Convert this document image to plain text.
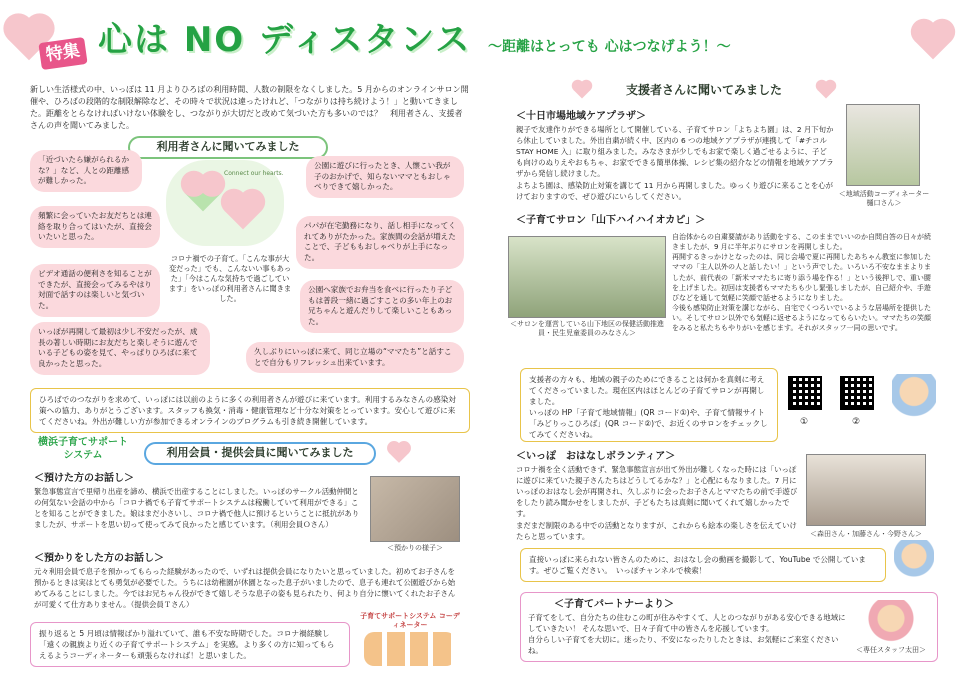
特集 心は NO ディスタンス ～距離はとっても 心はつなげよう！～
新しい生活様式の中、いっぽは 11 月よりひろばの利用時間、人数の制限をなくしました。5 月からのオンラインサロン開催や、ひろばの段階的な制限解除など、その時々で状況は違ったけれど、「つながりは持ち続けよう！」と動いてきました。距離をとらなければいけない体験をし、つながりが大切だと改めて気づいた方も多いのでは？　利用者さん、支援者さんの声を聞いてみました。
利用者さんに聞いてみました
「近づいたら嫌がられるかな？」など、人との距離感が難しかった。
公園に遊びに行ったとき、人懐こい我が子のおかげで、知らないママともおしゃべりできて嬉しかった。
頻繁に会っていたお友だちとは連絡を取り合ってはいたが、直接会いたいと思った。
パパが在宅勤務になり、話し相手になってくれてありがたかった。家族間の会話が増えたことで、子どももおしゃべりが上手になった。
ビデオ通話の便利さを知ることができたが、直接会ってみるやはり対面で話すのは楽しいと気づいた。
公園へ家族でお弁当を食べに行ったり子どもは普段一緒に過ごすことの多い年上のお兄ちゃんと遊んだりして楽しいこともあった。
いっぽが再開して最初は少し不安だったが、成長の著しい時期にお友だちと楽しそうに遊んでいる子どもの姿を見て、やっぱりひろばに来て良かったと思った。
久しぶりにいっぽに来て、同じ立場の“ママたち”と話すことで自分もリフレッシュ出来ています。
Connect our hearts.
コロナ禍での子育て。「こんな事が大変だった」でも、こんないい事もあった」「今はこんな気持ちで過ごしています」をいっぽの利用者さんに聞きました。
ひろばでのつながりを求めて、いっぽには以前のように多くの利用者さんが遊びに来ています。利用するみなさんの感染対策への協力、ありがとうございます。スタッフも換気・消毒・健康管理など十分な対策をとっています。安心して遊びに来てくださいね。外出が難しい方が参加できるオンラインのプログラムも引き続き開催しています。
横浜子育てサポートシステム	利用会員・提供会員に聞いてみました
＜預けた方のお話し＞
緊急事態宣言で里帰り出産を諦め、横浜で出産することにしました。いっぽのサークル活動仲間との何気ない会話の中から「コロナ禍でも子育てサポートシステムは稼働していて利用ができる」ことを知ることができました。娘はまだ小さいし、コロナ禍で他人に預けるということに抵抗がありましたが、サポートを思い切って使ってみて良かったと感じています。（利用会員Ｏさん）
＜預かりの様子＞
＜預かりをした方のお話し＞
元々利用会員で息子を預かってもらった経験があったので、いずれは提供会員になりたいと思っていました。初めてお子さんを預かるときは実はとても勇気が必要でした。うちには幼稚園が休園となった息子がいましたので、息子も連れて公園遊びから始めてみることにしました。今ではお兄ちゃん役ができて嬉しそうな息子の姿も見られたり、何より自分に懐いてくれたお子さんが可愛くて仕方ありません。（提供会員Ｔさん）
振り返ると 5 月頃は情報ばかり溢れていて、誰も不安な時期でした。コロナ禍経験し「遠くの親族より近くの子育てサポートシステム」を実感。より多くの方に知ってもらえるようコーディネーターも頑張らなければ！と思いました。
子育てサポートシステム コーディネーター
支援者さんに聞いてみました
＜十日市場地域ケアプラザ＞
親子で友達作りができる場所として開催している、子育てサロン「よちよち園」は、2 月下旬から休止していました。外出自粛が続く中、区内の 6 つの地域ケアプラザが連携して「#チコル STAY HOME 入」に取り組みました。みなさまが少しでもお家で楽しく過ごせるように、子ども向けのぬりえやおもちゃ、お家でできる簡単体操、レシピ集の紹介などの情報を地域ケアプラザから発信し続けました。
よちよち園は、感染防止対策を講じて 11 月から再開しました。ゆっくり遊びに来ることを心がけておりますので、ぜひ遊びにいらしてください。	＜地域活動コーディネーター 樋口さん＞
＜子育てサロン「山下ハイハイオカピ」＞
＜サロンを運営している山下地区の保健活動推進員・民生児童委員のみなさん＞
自治体からの自粛要請があり活動をする、このままでいいのか自問自答の日々が続きましたが、9 月に半年ぶりにサロンを再開しました。
再開するきっかけとなったのは、同じ会場で夏に再開したあちゃん教室に参加したママの「主人以外の人と話したい！」という声でした。いろいろ不安なままよりましたが、前代表の「新米ママたちに寄り添う場を作る！」という後押しで、重い腰を上げました。初回は支援者もママたちも少し緊張しましたが、自己紹介や、手遊びなどを通して気軽に笑顔で話せるようになりました。
今後も感染防止対策を講じながら、自宅でくつろいでいるような居場所を提供したい。そしてサロン以外でも気軽に返せるようになってもらいたい。ママたちの笑顔をみると私たちもやりがいを感じます。それがスタッフ一同の思いです。
支援者の方々も、地域の親子のためにできることは何かを真剣に考えてくださっていました。現在区内はほとんどの子育てサロンが再開しました。
いっぽの HP「子育て地域情報」(QR コード①)や、子育て情報サイト「みどりっこひろば」(QR コード②)で、お近くのサロンをチェックしてみてくださいね。
①	②
＜いっぽ　おはなしボランティア＞
コロナ禍を全く活動できず、緊急事態宣言が出て外出が難しくなった時には「いっぽに遊びに来ていた親子さんたちはどうしてるかな？」と心配にもなりました。7 月にいっぽのおはなし会が再開され、久しぶりに会ったお子さんとママたちの前で手遊びをしたり読み聞かせをしましたが、子どもたちは真剣に聞いてくれて嬉しかったです。
まだまだ制限のある中での活動となりますが、これからも絵本の楽しさを伝えていけたらと思っています。	＜森田さん・加藤さん・今野さん＞
直接いっぽに来られない皆さんのために、おはなし会の動画を撮影して、YouTube で公開しています。ぜひご覧ください。　いっぽチャンネルで検索！
＜子育てパートナーより＞
子育てをして、自分たちの住むこの町が住みやすくて、人とのつながりがある安心できる地域にしていきたい！ そんな思いで、日々子育て中の皆さんを応援しています。
自分らしい子育てを大切に。迷ったり、不安になったりしたときは、お気軽にご来室くださいね。	＜専任スタッフ太田＞
